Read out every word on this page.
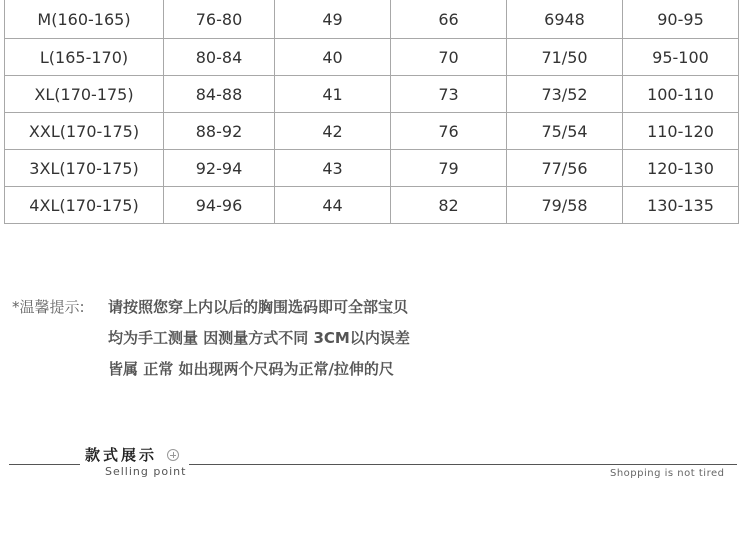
M(160-165)	76-80	49	66	6948	90-95
L(165-170)	80-84	40	70	71/50	95-100
XL(170-175)	84-88	41	73	73/52	100-110
XXL(170-175)	88-92	42	76	75/54	110-120
3XL(170-175)	92-94	43	79	77/56	120-130
4XL(170-175)	94-96	44	82	79/58	130-135
*温馨提示: 请按照您穿上内以后的胸围选码即可全部宝贝
均为手工测量 因测量方式不同 3CM以内误差
皆属 正常 如出现两个尺码为正常/拉伸的尺
款式展示
Selling point	Shopping is not tired
